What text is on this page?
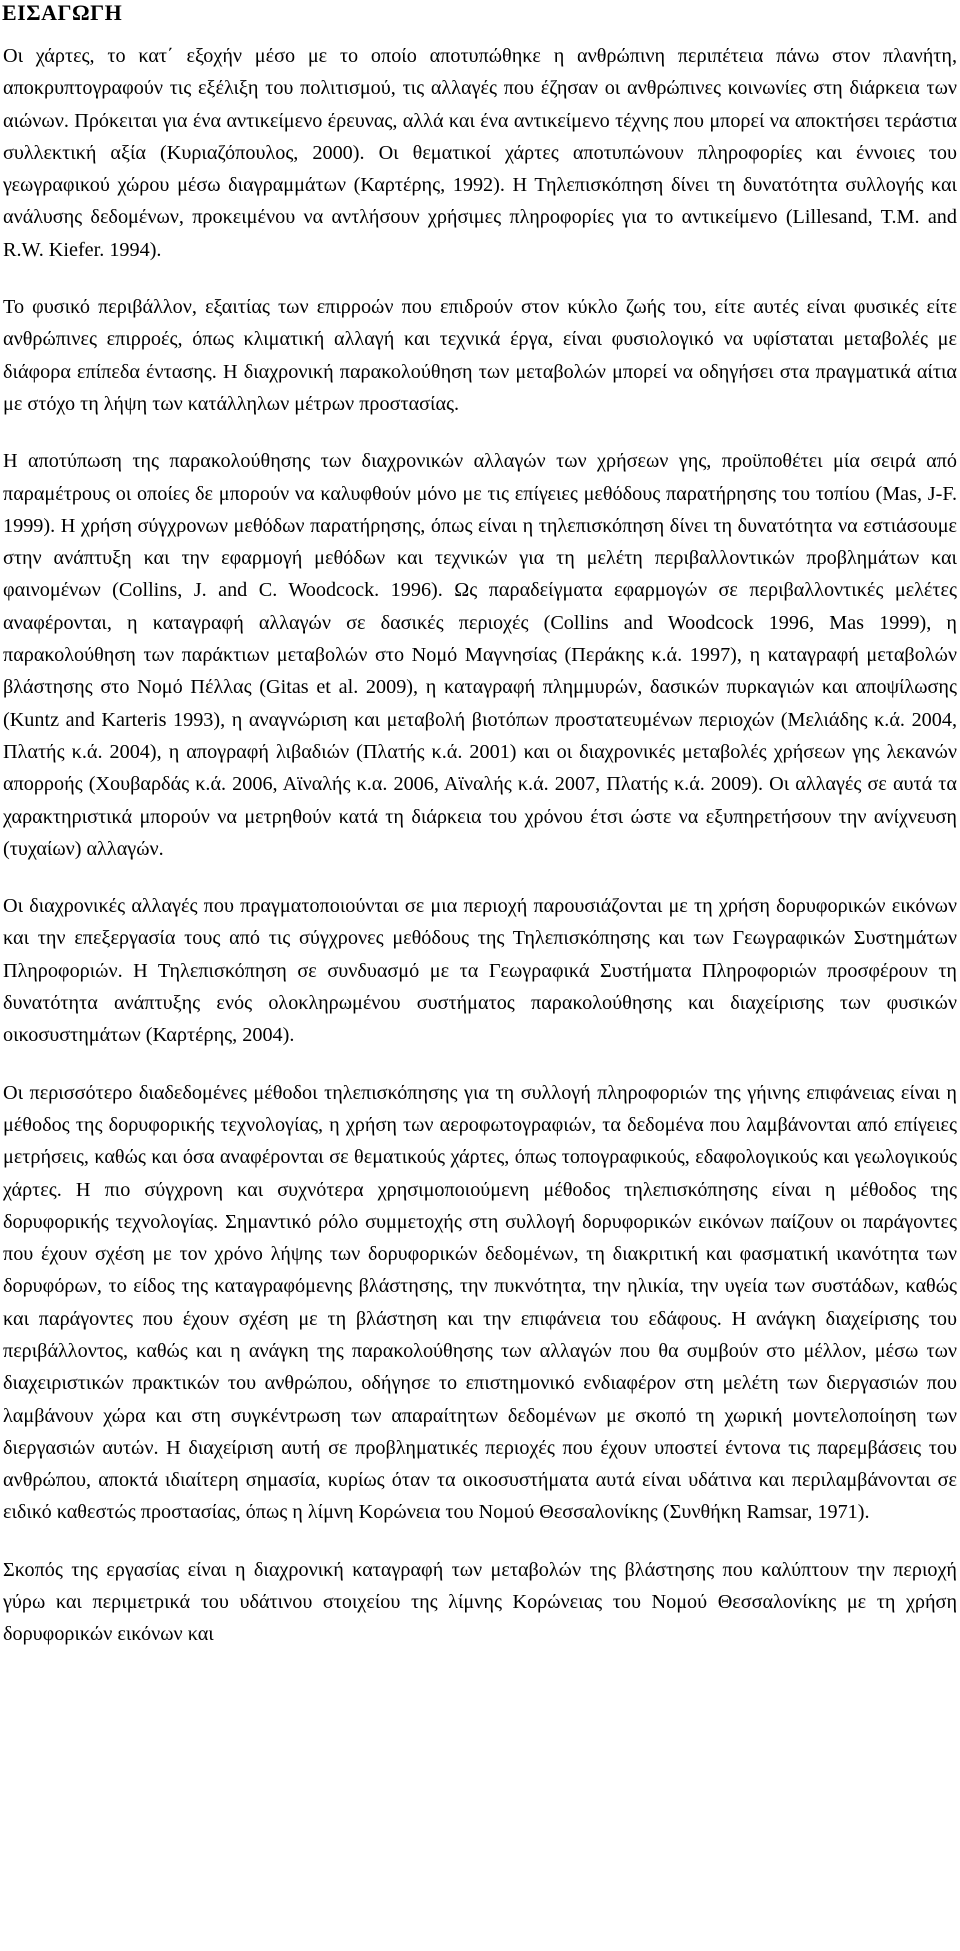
ΕΙΣΑΓΩΓΗ

Οι χάρτες, το κατ΄ εξοχήν μέσο με το οποίο αποτυπώθηκε η ανθρώπινη περιπέτεια πάνω στον πλανήτη, αποκρυπτογραφούν τις εξέλιξη του πολιτισμού, τις αλλαγές που έζησαν οι ανθρώπινες κοινωνίες στη διάρκεια των αιώνων. Πρόκειται για ένα αντικείμενο έρευνας, αλλά και ένα αντικείμενο τέχνης που μπορεί να αποκτήσει τεράστια συλλεκτική αξία (Κυριαζόπουλος, 2000). Οι θεματικοί χάρτες αποτυπώνουν πληροφορίες και έννοιες του γεωγραφικού χώρου μέσω διαγραμμάτων (Καρτέρης, 1992). Η Τηλεπισκόπηση δίνει τη δυνατότητα συλλογής και ανάλυσης δεδομένων, προκειμένου να αντλήσουν χρήσιμες πληροφορίες για το αντικείμενο (Lillesand, T.M. and R.W. Kiefer. 1994).

Το φυσικό περιβάλλον, εξαιτίας των επιρροών που επιδρούν στον κύκλο ζωής του, είτε αυτές είναι φυσικές είτε ανθρώπινες επιρροές, όπως κλιματική αλλαγή και τεχνικά έργα, είναι φυσιολογικό να υφίσταται μεταβολές με διάφορα επίπεδα έντασης. Η διαχρονική παρακολούθηση των μεταβολών μπορεί να οδηγήσει στα πραγματικά αίτια με στόχο τη λήψη των κατάλληλων μέτρων προστασίας.

Η αποτύπωση της παρακολούθησης των διαχρονικών αλλαγών των χρήσεων γης, προϋποθέτει μία σειρά από παραμέτρους οι οποίες δε μπορούν να καλυφθούν μόνο με τις επίγειες μεθόδους παρατήρησης του τοπίου (Mas, J-F. 1999). Η χρήση σύγχρονων μεθόδων παρατήρησης, όπως είναι η τηλεπισκόπηση δίνει τη δυνατότητα να εστιάσουμε στην ανάπτυξη και την εφαρμογή μεθόδων και τεχνικών για τη μελέτη περιβαλλοντικών προβλημάτων και φαινομένων (Collins, J. and C. Woodcock. 1996). Ως παραδείγματα εφαρμογών σε περιβαλλοντικές μελέτες αναφέρονται, η καταγραφή αλλαγών σε δασικές περιοχές (Collins and Woodcock 1996, Mas 1999), η παρακολούθηση των παράκτιων μεταβολών στο Νομό Μαγνησίας (Περάκης κ.ά. 1997), η καταγραφή μεταβολών βλάστησης στο Νομό Πέλλας (Gitas et al. 2009), η καταγραφή πλημμυρών, δασικών πυρκαγιών και αποψίλωσης (Kuntz and Karteris 1993), η αναγνώριση και μεταβολή βιοτόπων προστατευμένων περιοχών (Μελιάδης κ.ά. 2004, Πλατής κ.ά. 2004), η απογραφή λιβαδιών (Πλατής κ.ά. 2001) και οι διαχρονικές μεταβολές χρήσεων γης λεκανών απορροής (Χουβαρδάς κ.ά. 2006, Αϊναλής κ.α. 2006, Αϊναλής κ.ά. 2007, Πλατής κ.ά. 2009). Οι αλλαγές σε αυτά τα χαρακτηριστικά μπορούν να μετρηθούν κατά τη διάρκεια του χρόνου έτσι ώστε να εξυπηρετήσουν την ανίχνευση (τυχαίων) αλλαγών.

Οι διαχρονικές αλλαγές που πραγματοποιούνται σε μια περιοχή παρουσιάζονται με τη χρήση δορυφορικών εικόνων και την επεξεργασία τους από τις σύγχρονες μεθόδους της Τηλεπισκόπησης και των Γεωγραφικών Συστημάτων Πληροφοριών. Η Τηλεπισκόπηση σε συνδυασμό με τα Γεωγραφικά Συστήματα Πληροφοριών προσφέρουν τη δυνατότητα ανάπτυξης ενός ολοκληρωμένου συστήματος παρακολούθησης και διαχείρισης των φυσικών οικοσυστημάτων (Καρτέρης, 2004).

Οι περισσότερο διαδεδομένες μέθοδοι τηλεπισκόπησης για τη συλλογή πληροφοριών της γήινης επιφάνειας είναι η μέθοδος της δορυφορικής τεχνολογίας, η χρήση των αεροφωτογραφιών, τα δεδομένα που λαμβάνονται από επίγειες μετρήσεις, καθώς και όσα αναφέρονται σε θεματικούς χάρτες, όπως τοπογραφικούς, εδαφολογικούς και γεωλογικούς χάρτες. Η πιο σύγχρονη και συχνότερα χρησιμοποιούμενη μέθοδος τηλεπισκόπησης είναι η μέθοδος της δορυφορικής τεχνολογίας. Σημαντικό ρόλο συμμετοχής στη συλλογή δορυφορικών εικόνων παίζουν οι παράγοντες που έχουν σχέση με τον χρόνο λήψης των δορυφορικών δεδομένων, τη διακριτική και φασματική ικανότητα των δορυφόρων, το είδος της καταγραφόμενης βλάστησης, την πυκνότητα, την ηλικία, την υγεία των συστάδων, καθώς και παράγοντες που έχουν σχέση με τη βλάστηση και την επιφάνεια του εδάφους. Η ανάγκη διαχείρισης του περιβάλλοντος, καθώς και η ανάγκη της παρακολούθησης των αλλαγών που θα συμβούν στο μέλλον, μέσω των διαχειριστικών πρακτικών του ανθρώπου, οδήγησε το επιστημονικό ενδιαφέρον στη μελέτη των διεργασιών που λαμβάνουν χώρα και στη συγκέντρωση των απαραίτητων δεδομένων με σκοπό τη χωρική μοντελοποίηση των διεργασιών αυτών. Η διαχείριση αυτή σε προβληματικές περιοχές που έχουν υποστεί έντονα τις παρεμβάσεις του ανθρώπου, αποκτά ιδιαίτερη σημασία, κυρίως όταν τα οικοσυστήματα αυτά είναι υδάτινα και περιλαμβάνονται σε ειδικό καθεστώς προστασίας, όπως η λίμνη Κορώνεια του Νομού Θεσσαλονίκης (Συνθήκη Ramsar, 1971).

Σκοπός της εργασίας είναι η διαχρονική καταγραφή των μεταβολών της βλάστησης που καλύπτουν την περιοχή γύρω και περιμετρικά του υδάτινου στοιχείου της λίμνης Κορώνειας του Νομού Θεσσαλονίκης με τη χρήση δορυφορικών εικόνων και
